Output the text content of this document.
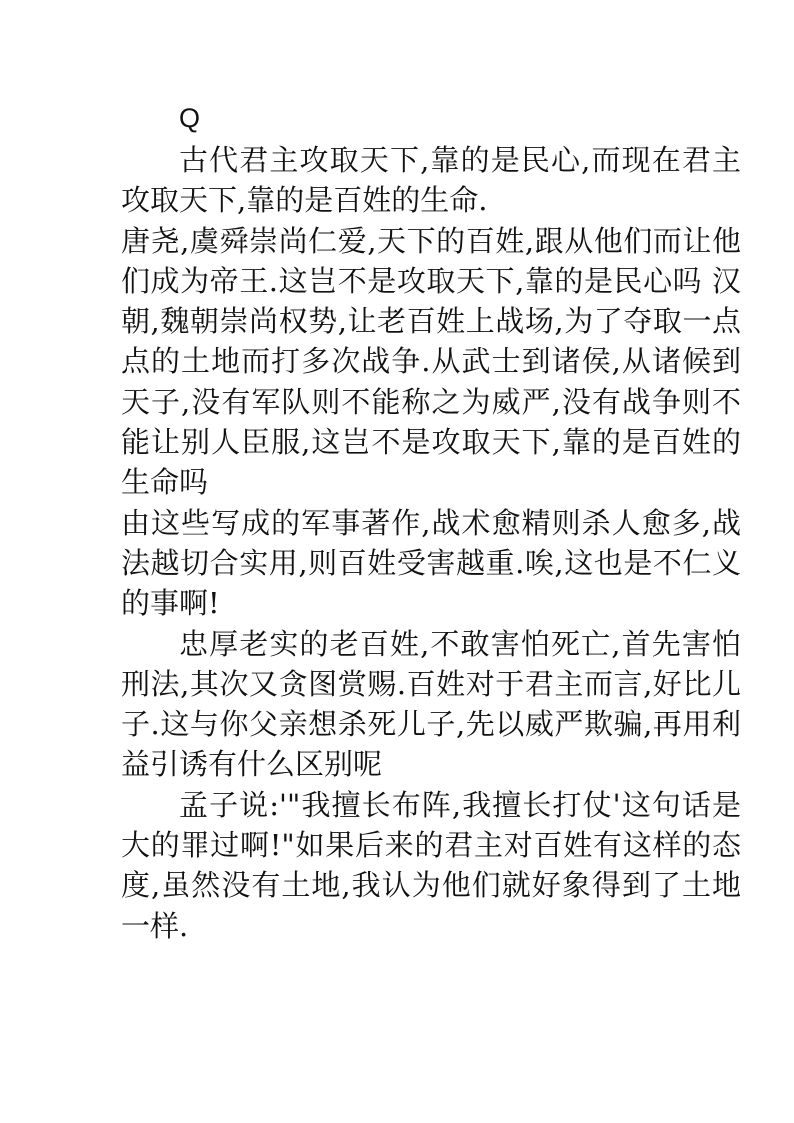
Q

古代君主攻取天下,靠的是民心,而现在君主攻取天下,靠的是百姓的生命.

唐尧,虞舜崇尚仁爱,天下的百姓,跟从他们而让他们成为帝王.这岂不是攻取天下,靠的是民心吗 汉朝,魏朝崇尚权势,让老百姓上战场,为了夺取一点点的土地而打多次战争.从武士到诸侯,从诸候到天子,没有军队则不能称之为威严,没有战争则不能让别人臣服,这岂不是攻取天下,靠的是百姓的生命吗

由这些写成的军事著作,战术愈精则杀人愈多,战法越切合实用,则百姓受害越重.唉,这也是不仁义的事啊!

忠厚老实的老百姓,不敢害怕死亡,首先害怕刑法,其次又贪图赏赐.百姓对于君主而言,好比儿子.这与你父亲想杀死儿子,先以威严欺骗,再用利益引诱有什么区别呢

孟子说:'"我擅长布阵,我擅长打仗'这句话是大的罪过啊!"如果后来的君主对百姓有这样的态度,虽然没有土地,我认为他们就好象得到了土地一样.
